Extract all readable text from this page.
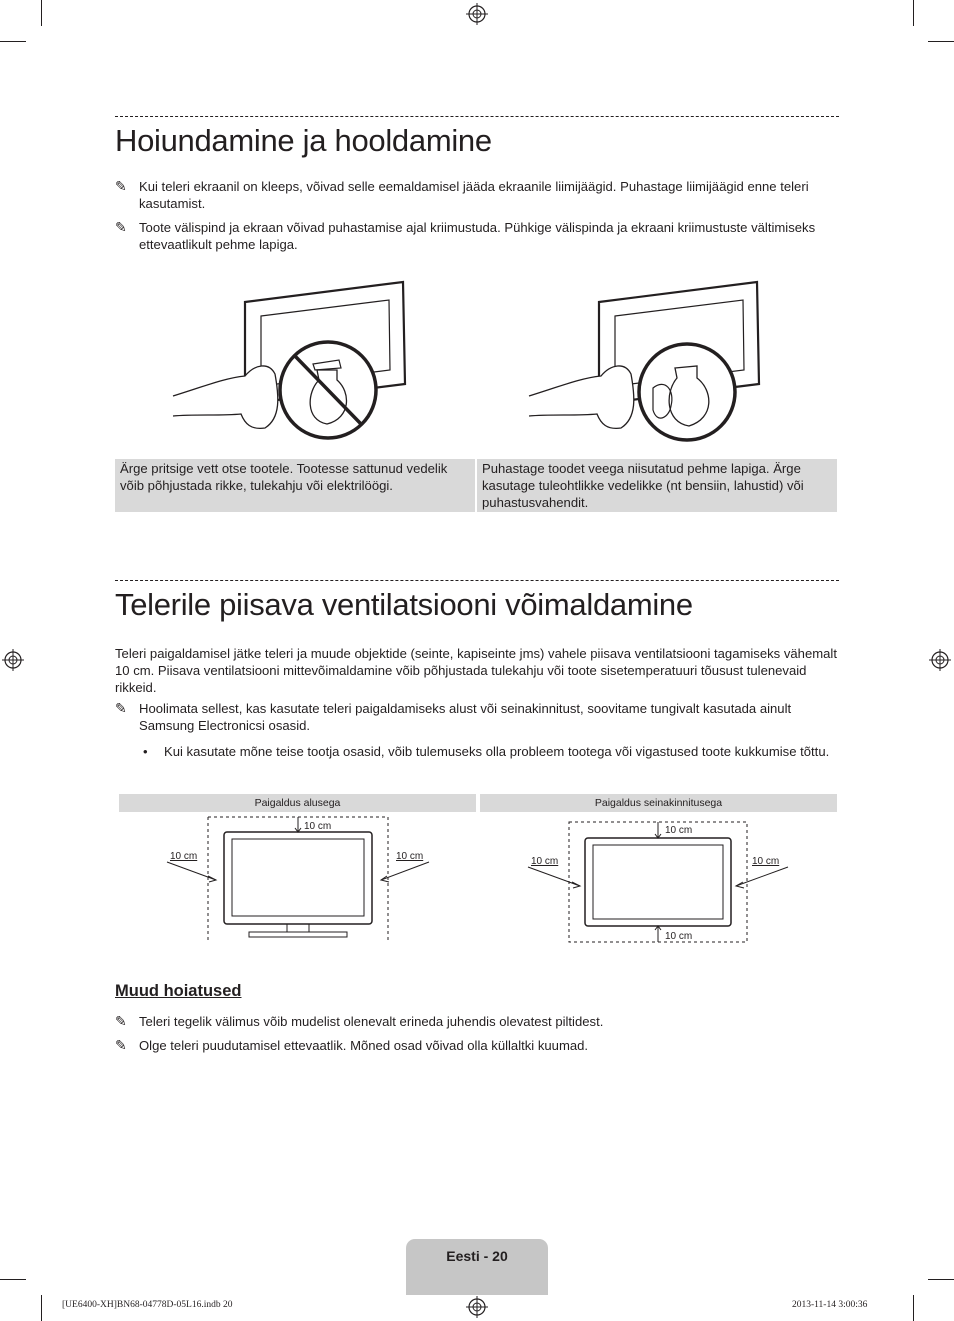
Hoiundamine ja hooldamine
✎ Kui teleri ekraanil on kleeps, võivad selle eemaldamisel jääda ekraanile liimijäägid. Puhastage liimijäägid enne teleri kasutamist.
✎ Toote välispind ja ekraan võivad puhastamise ajal kriimustuda. Pühkige välispinda ja ekraani kriimustuste vältimiseks ettevaatlikult pehme lapiga.
Ärge pritsige vett otse tootele. Tootesse sattunud vedelik võib põhjustada rikke, tulekahju või elektrilöögi.
Puhastage toodet veega niisutatud pehme lapiga. Ärge kasutage tuleohtlikke vedelikke (nt bensiin, lahustid) või puhastusvahendit.
Telerile piisava ventilatsiooni võimaldamine
Teleri paigaldamisel jätke teleri ja muude objektide (seinte, kapiseinte jms) vahele piisava ventilatsiooni tagamiseks vähemalt 10 cm. Piisava ventilatsiooni mittevõimaldamine võib põhjustada tulekahju või toote sisetemperatuuri tõusust tulenevaid rikkeid.
✎ Hoolimata sellest, kas kasutate teleri paigaldamiseks alust või seinakinnitust, soovitame tungivalt kasutada ainult Samsung Electronicsi osasid.
• Kui kasutate mõne teise tootja osasid, võib tulemuseks olla probleem tootega või vigastused toote kukkumise tõttu.
Paigaldus alusega	Paigaldus seinakinnitusega
10 cm
10 cm	10 cm
10 cm
10 cm
10 cm	10 cm
Muud hoiatused
✎ Teleri tegelik välimus võib mudelist olenevalt erineda juhendis olevatest piltidest.
✎ Olge teleri puudutamisel ettevaatlik. Mõned osad võivad olla küllaltki kuumad.
Eesti - 20
[UE6400-XH]BN68-04778D-05L16.indb 20	2013-11-14 3:00:36
